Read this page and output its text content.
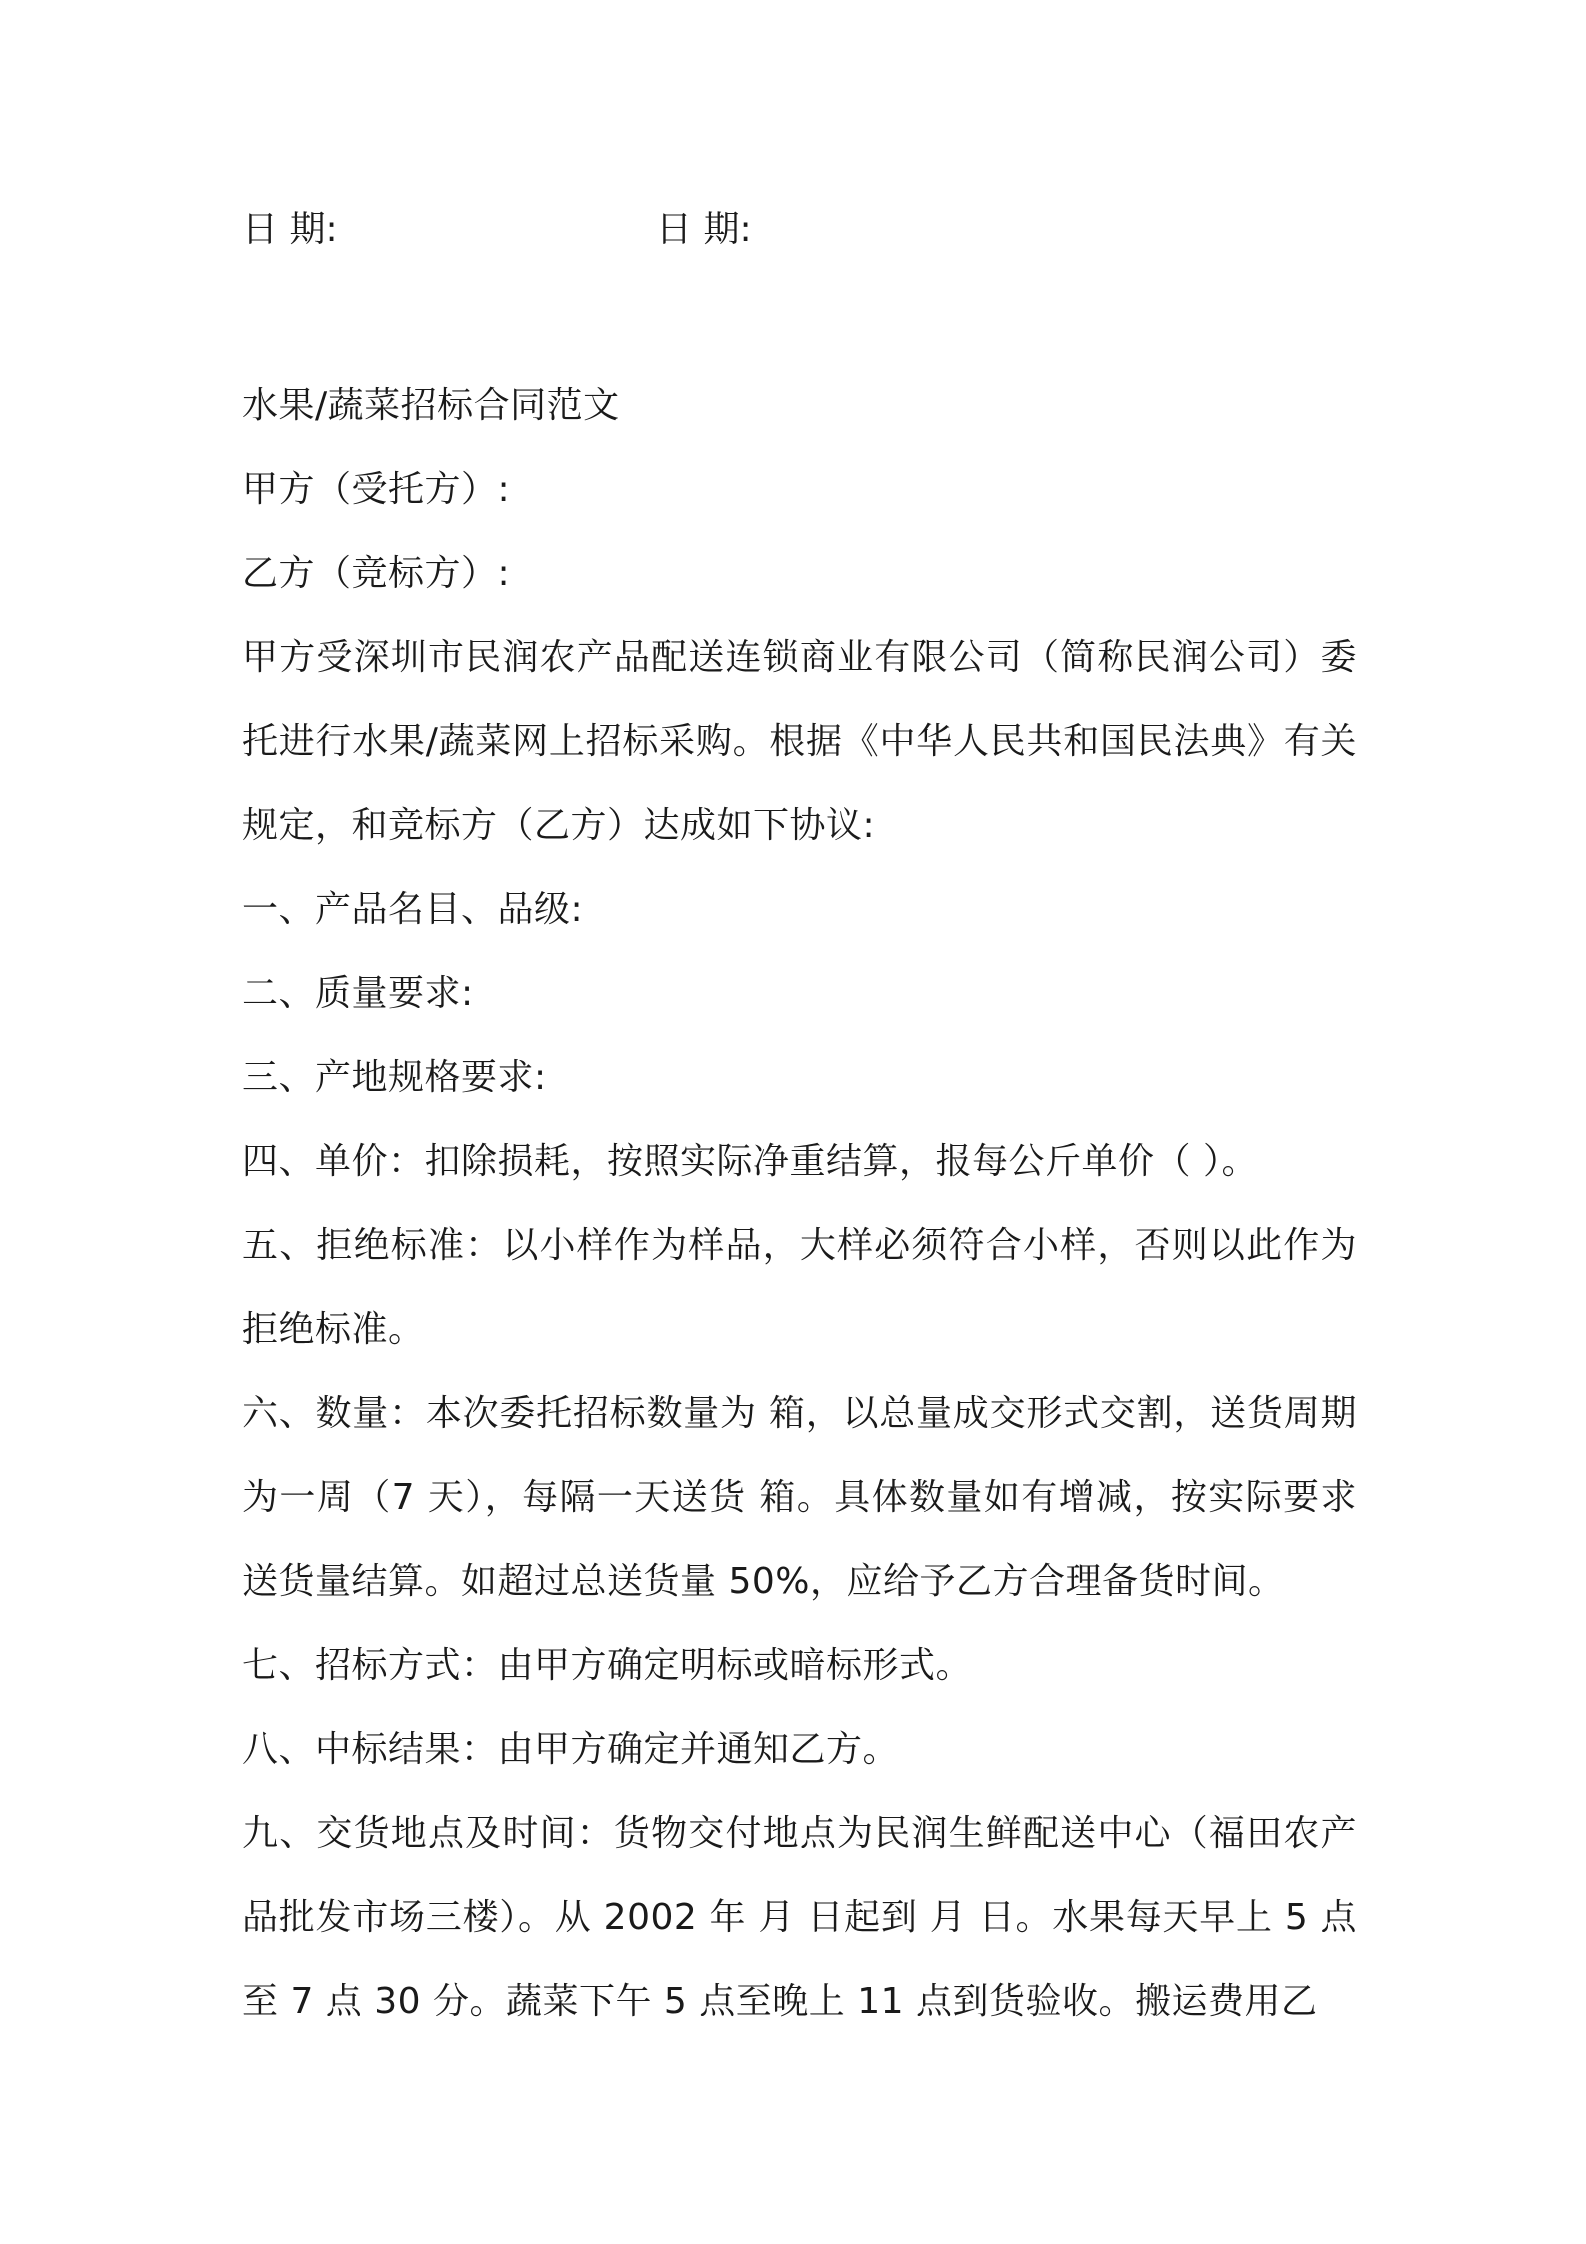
日 期:	日 期:

水果/蔬菜招标合同范文

甲方（受托方）:

乙方（竞标方）:

甲方受深圳市民润农产品配送连锁商业有限公司（简称民润公司）委托进行水果/蔬菜网上招标采购。根据《中华人民共和国民法典》有关规定，和竞标方（乙方）达成如下协议:

一、产品名目、品级:

二、质量要求:

三、产地规格要求:

四、单价：扣除损耗，按照实际净重结算，报每公斤单价（ ）。

五、拒绝标准：以小样作为样品，大样必须符合小样，否则以此作为拒绝标准。

六、数量：本次委托招标数量为 箱，以总量成交形式交割，送货周期为一周（7 天），每隔一天送货 箱。具体数量如有增减，按实际要求送货量结算。如超过总送货量 50%，应给予乙方合理备货时间。

七、招标方式：由甲方确定明标或暗标形式。

八、中标结果：由甲方确定并通知乙方。

九、交货地点及时间：货物交付地点为民润生鲜配送中心（福田农产品批发市场三楼）。从 2002 年 月 日起到 月 日。水果每天早上 5 点至 7 点 30 分。蔬菜下午 5 点至晚上 11 点到货验收。搬运费用乙
